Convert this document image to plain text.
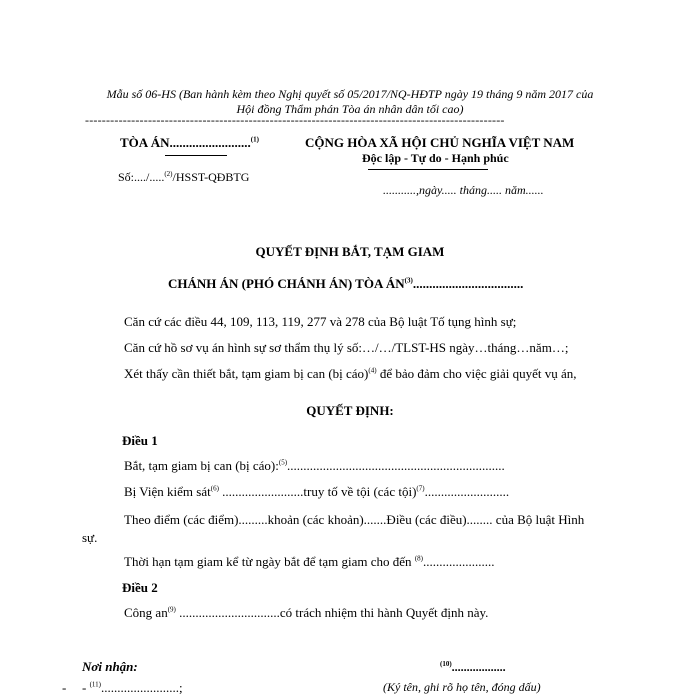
Mẫu số 06-HS (Ban hành kèm theo Nghị quyết số 05/2017/NQ-HĐTP ngày 19 tháng 9 năm 2017 của
Hội đồng Thẩm phán Tòa án nhân dân tối cao)
----------------------------------------------------------------------------------------------------
TÒA ÁN.........................$^{(1)}$
Số:..../.....$^{(2)}$/HSST-QĐBTG
CỘNG HÒA XÃ HỘI CHỦ NGHĨA VIỆT NAM
Độc lập - Tự do - Hạnh phúc
...........,ngày..... tháng..... năm......
QUYẾT ĐỊNH BẮT, TẠM GIAM
CHÁNH ÁN (PHÓ CHÁNH ÁN) TÒA ÁN$^{(3)}$..................................
Căn cứ các điều 44, 109, 113, 119, 277 và 278 của Bộ luật Tố tụng hình sự;
Căn cứ hồ sơ vụ án hình sự sơ thẩm thụ lý số:…/…/TLST-HS ngày…tháng…năm…;
Xét thấy cần thiết bắt, tạm giam bị can (bị cáo)$^{(4)}$ để bảo đảm cho việc giải quyết vụ án,
QUYẾT ĐỊNH:
Điều 1
Bắt, tạm giam bị can (bị cáo):$^{(5)}$...................................................................
Bị Viện kiểm sát$^{(6)}$ .........................truy tố về tội (các tội)$^{(7)}$..........................
Theo điểm (các điểm).........khoản (các khoản).......Điều (các điều)........ của Bộ luật Hình
sự.
Thời hạn tạm giam kể từ ngày bắt để tạm giam cho đến $^{(8)}$......................
Điều 2
Công $an^{(9)}$ ...............................có trách nhiệm thi hành Quyết định này.
Nơi nhận:
- - $^{(11)}$........................;
$^{(10)}$..................
(Ký tên, ghi rõ họ tên, đóng dấu)
